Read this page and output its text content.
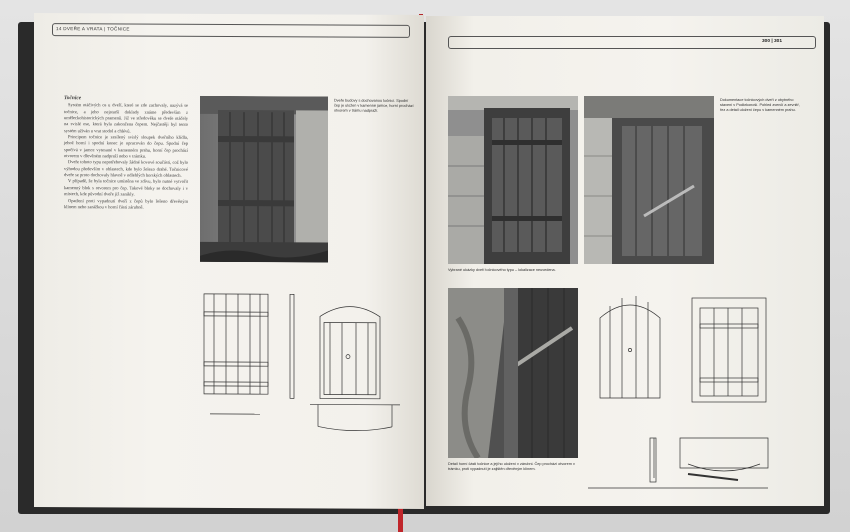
14 DVEŘE A VRATA | TOČNICE
Točnice

Systém otáčivých os u dveří, které se zde zachovaly, nazývá se točnice, a jeho nejstarší doklady známe především z uměleckohistorických pramenů. Již ve středověku se dveře otáčely na svislé ose, která byla zakončena čepem. Nejčastěji byl tento systém užíván u vrat stodol a chlévů.

Principem točnice je zesílený svislý sloupek dveřního křídla, jehož horní i spodní konec je opracován do čepu. Spodní čep spočívá v jamce vytesané v kamenném prahu, horní čep prochází otvorem v dřevěném nadpraží nebo v trámku.

Dveře tohoto typu nepotřebovaly žádné kovové součásti, což bylo výhodou především v oblastech, kde bylo železo drahé. Točnicové dveře se proto dochovaly hlavně v odlehlých horských oblastech.

V případě, že byla točnice umístěna ve zdivu, bylo nutné vytvořit kamenný blok s otvorem pro čep. Takové bloky se dochovaly i v místech, kde původní dveře již zanikly.

Opatření proti vypadnutí dveří z čepů bylo řešeno dřevěným klínem nebo zarážkou v horní části zárubně.

Dveře budovy s dochovanou točnicí. Spodní čep je uložen v kamenné jamce, horní prochází otvorem v trámu nadpraží.
300 | 301
Dokumentace točnicových dveří z obytného stavení v Podkrkonoší. Pohled zvenčí a zevnitř, řez a detail uložení čepu v kamenném prahu.
Vybrané ukázky dveří točnicového typu – lokalizace neuvedena.
Detail horní části točnice a jejího uložení v zárubni. Čep prochází otvorem v trámku, proti vypadnutí je zajištěn dřevěným klínem.
